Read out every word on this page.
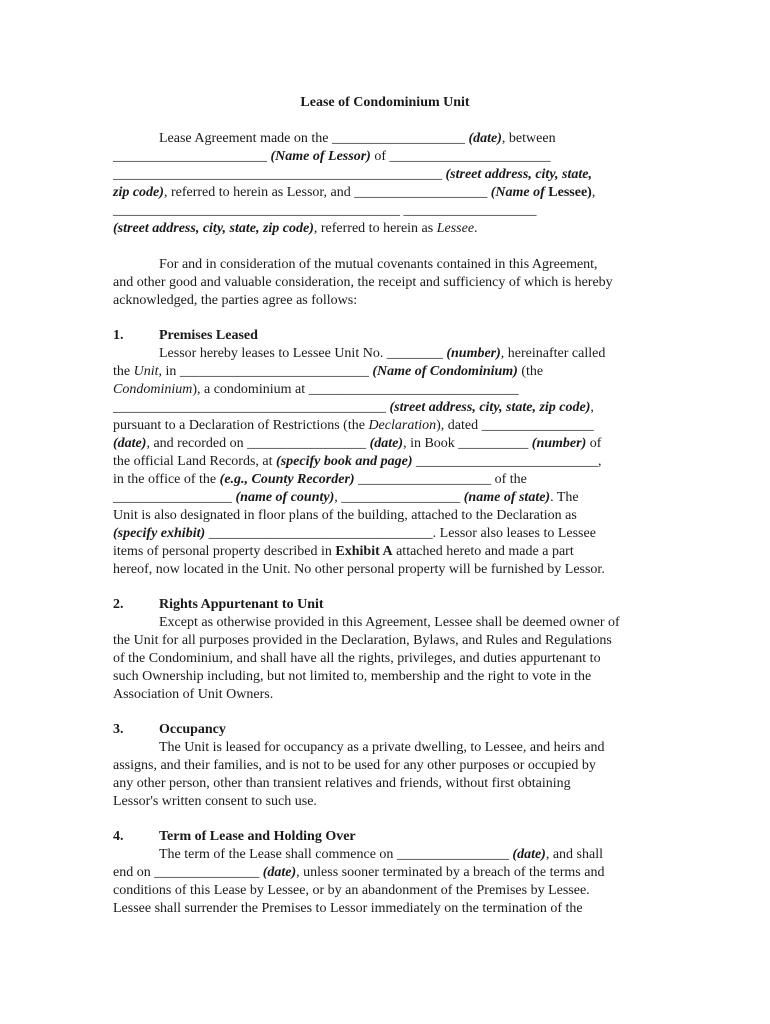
Lease of Condominium Unit
Lease Agreement made on the ___________________ (date), between
______________________ (Name of Lessor) of _______________________
_______________________________________________ (street address, city, state,
zip code), referred to herein as Lessor, and ___________________ (Name of Lessee),
_________________________________________ ___________________
(street address, city, state, zip code), referred to herein as Lessee.
For and in consideration of the mutual covenants contained in this Agreement,
and other good and valuable consideration, the receipt and sufficiency of which is hereby
acknowledged, the parties agree as follows:
1.	Premises Leased
Lessor hereby leases to Lessee Unit No. ________ (number), hereinafter called
the Unit, in ___________________________ (Name of Condominium) (the
Condominium), a condominium at ______________________________
_______________________________________ (street address, city, state, zip code),
pursuant to a Declaration of Restrictions (the Declaration), dated ________________
(date), and recorded on _________________ (date), in Book __________ (number) of
the official Land Records, at (specify book and page) __________________________,
in the office of the (e.g., County Recorder) ___________________ of the
_________________ (name of county), _________________ (name of state). The
Unit is also designated in floor plans of the building, attached to the Declaration as
(specify exhibit) ________________________________. Lessor also leases to Lessee
items of personal property described in Exhibit A attached hereto and made a part
hereof, now located in the Unit. No other personal property will be furnished by Lessor.
2.	Rights Appurtenant to Unit
Except as otherwise provided in this Agreement, Lessee shall be deemed owner of
the Unit for all purposes provided in the Declaration, Bylaws, and Rules and Regulations
of the Condominium, and shall have all the rights, privileges, and duties appurtenant to
such Ownership including, but not limited to, membership and the right to vote in the
Association of Unit Owners.
3.	Occupancy
The Unit is leased for occupancy as a private dwelling, to Lessee, and heirs and
assigns, and their families, and is not to be used for any other purposes or occupied by
any other person, other than transient relatives and friends, without first obtaining
Lessor's written consent to such use.
4.	Term of Lease and Holding Over
The term of the Lease shall commence on ________________ (date), and shall
end on _______________ (date), unless sooner terminated by a breach of the terms and
conditions of this Lease by Lessee, or by an abandonment of the Premises by Lessee.
Lessee shall surrender the Premises to Lessor immediately on the termination of the
